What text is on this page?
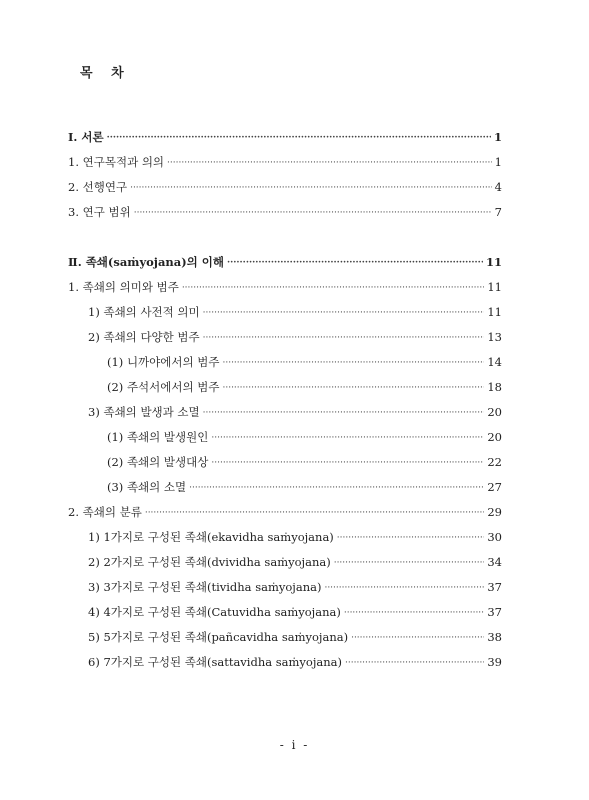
목 차
Ⅰ. 서론 ·····	1
1. 연구목적과 의의 ·····	1
2. 선행연구 ·····	4
3. 연구 범위 ·····	7
Ⅱ. 족쇄(saṁyojana)의 이해 ·····	11
1. 족쇄의 의미와 범주 ·····	11
1) 족쇄의 사전적 의미 ·····	11
2) 족쇄의 다양한 범주 ·····	13
(1) 니까야에서의 범주 ·····	14
(2) 주석서에서의 범주 ·····	18
3) 족쇄의 발생과 소멸 ·····	20
(1) 족쇄의 발생원인 ·····	20
(2) 족쇄의 발생대상 ·····	22
(3) 족쇄의 소멸 ·····	27
2. 족쇄의 분류 ·····	29
1) 1가지로 구성된 족쇄(ekavidha saṁyojana) ·····	30
2) 2가지로 구성된 족쇄(dvividha saṁyojana) ·····	34
3) 3가지로 구성된 족쇄(tividha saṁyojana) ·····	37
4) 4가지로 구성된 족쇄(Catuvidha saṁyojana) ·····	37
5) 5가지로 구성된 족쇄(pañcavidha saṁyojana) ·····	38
6) 7가지로 구성된 족쇄(sattavidha saṁyojana) ·····	39
- i -
